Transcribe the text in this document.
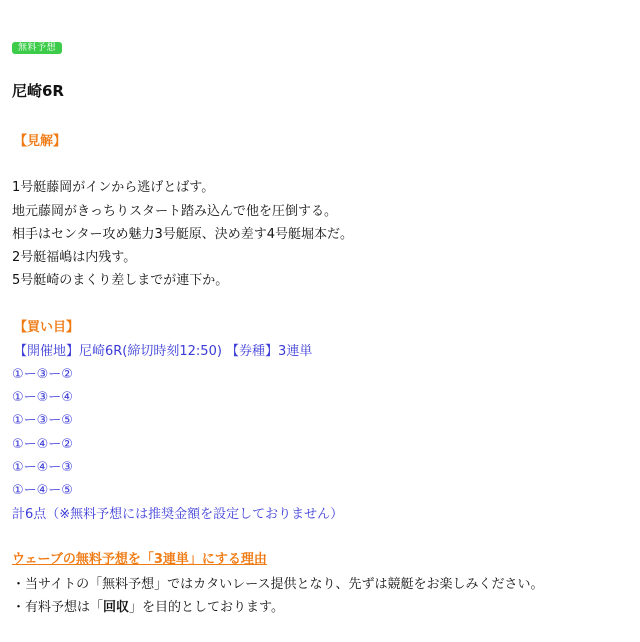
無料予想
尼崎6R
【見解】
1号艇藤岡がインから逃げとばす。
地元藤岡がきっちりスタート踏み込んで他を圧倒する。
相手はセンター攻め魅力3号艇原、決め差す4号艇堀本だ。
2号艇福嶋は内残す。
5号艇崎のまくり差しまでが連下か。
【買い目】
【開催地】尼崎6R(締切時刻12:50) 【券種】3連単
①ー③ー②
①ー③ー④
①ー③ー⑤
①ー④ー②
①ー④ー③
①ー④ー⑤
計6点（※無料予想には推奨金額を設定しておりません）
ウェーブの無料予想を「3連単」にする理由
・当サイトの「無料予想」ではカタいレース提供となり、先ずは競艇をお楽しみください。
・有料予想は「回収」を目的としております。
